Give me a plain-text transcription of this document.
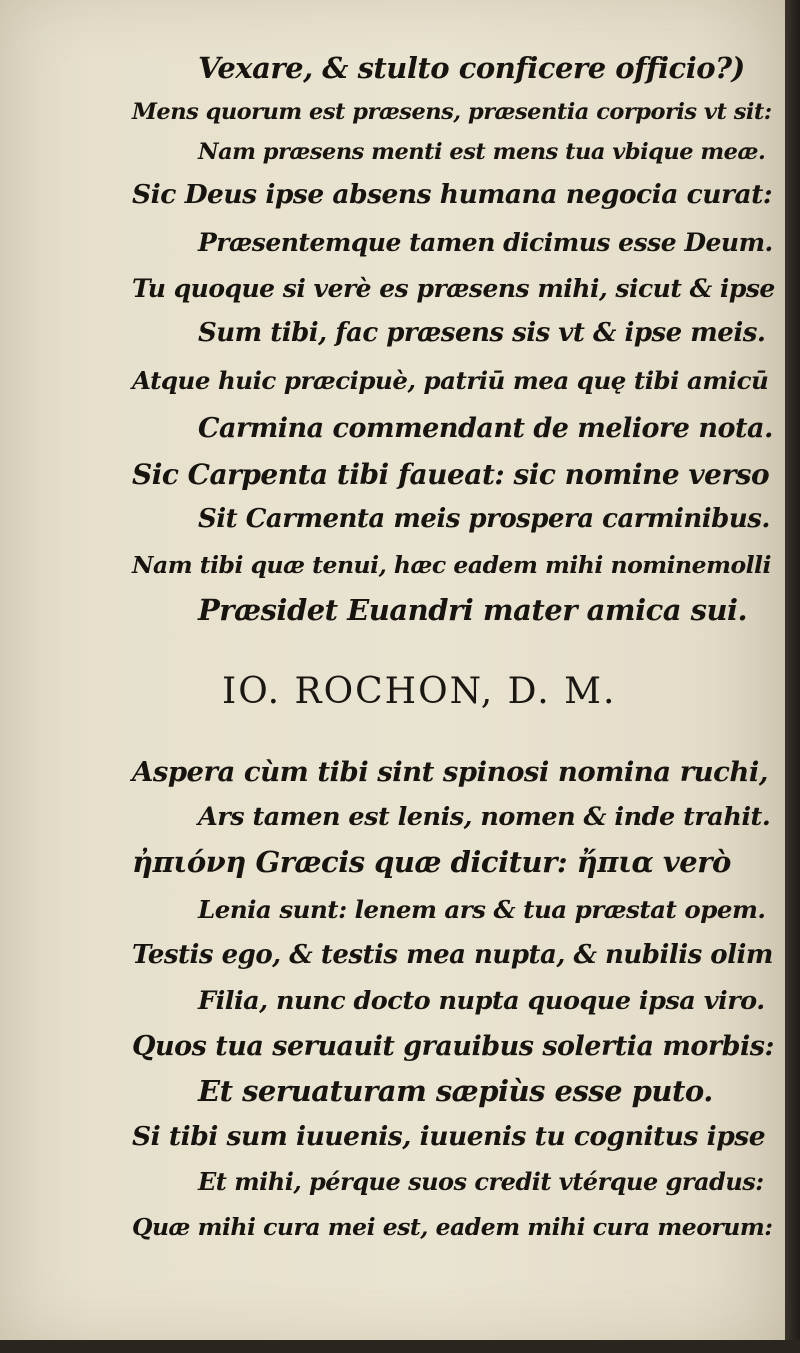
Vexare, & stulto conficere officio?)
Mens quorum est præsens, præsentia corporis vt sit:
Nam præsens menti est mens tua vbique meæ.
Sic Deus ipse absens humana negocia curat:
Præsentemque tamen dicimus esse Deum.
Tu quoque si verè es præsens mihi, sicut & ipse
Sum tibi, fac præsens sis vt & ipse meis.
Atque huic præcipuè, patriū mea quę tibi amicū
Carmina commendant de meliore nota.
Sic Carpenta tibi faueat: sic nomine verso
Sit Carmenta meis prospera carminibus.
Nam tibi quæ tenui, hæc eadem mihi nominemolli
Præsidet Euandri mater amica sui.
IO. ROCHON, D. M.
Aspera cùm tibi sint spinosi nomina ruchi,
Ars tamen est lenis, nomen & inde trahit.
ἠπιόνη Græcis quæ dicitur: ἤπια verò
Lenia sunt: lenem ars & tua præstat opem.
Testis ego, & testis mea nupta, & nubilis olim
Filia, nunc docto nupta quoque ipsa viro.
Quos tua seruauit grauibus solertia morbis:
Et seruaturam sæpiùs esse puto.
Si tibi sum iuuenis, iuuenis tu cognitus ipse
Et mihi, pérque suos credit vtérque gradus:
Quæ mihi cura mei est, eadem mihi cura meorum:
